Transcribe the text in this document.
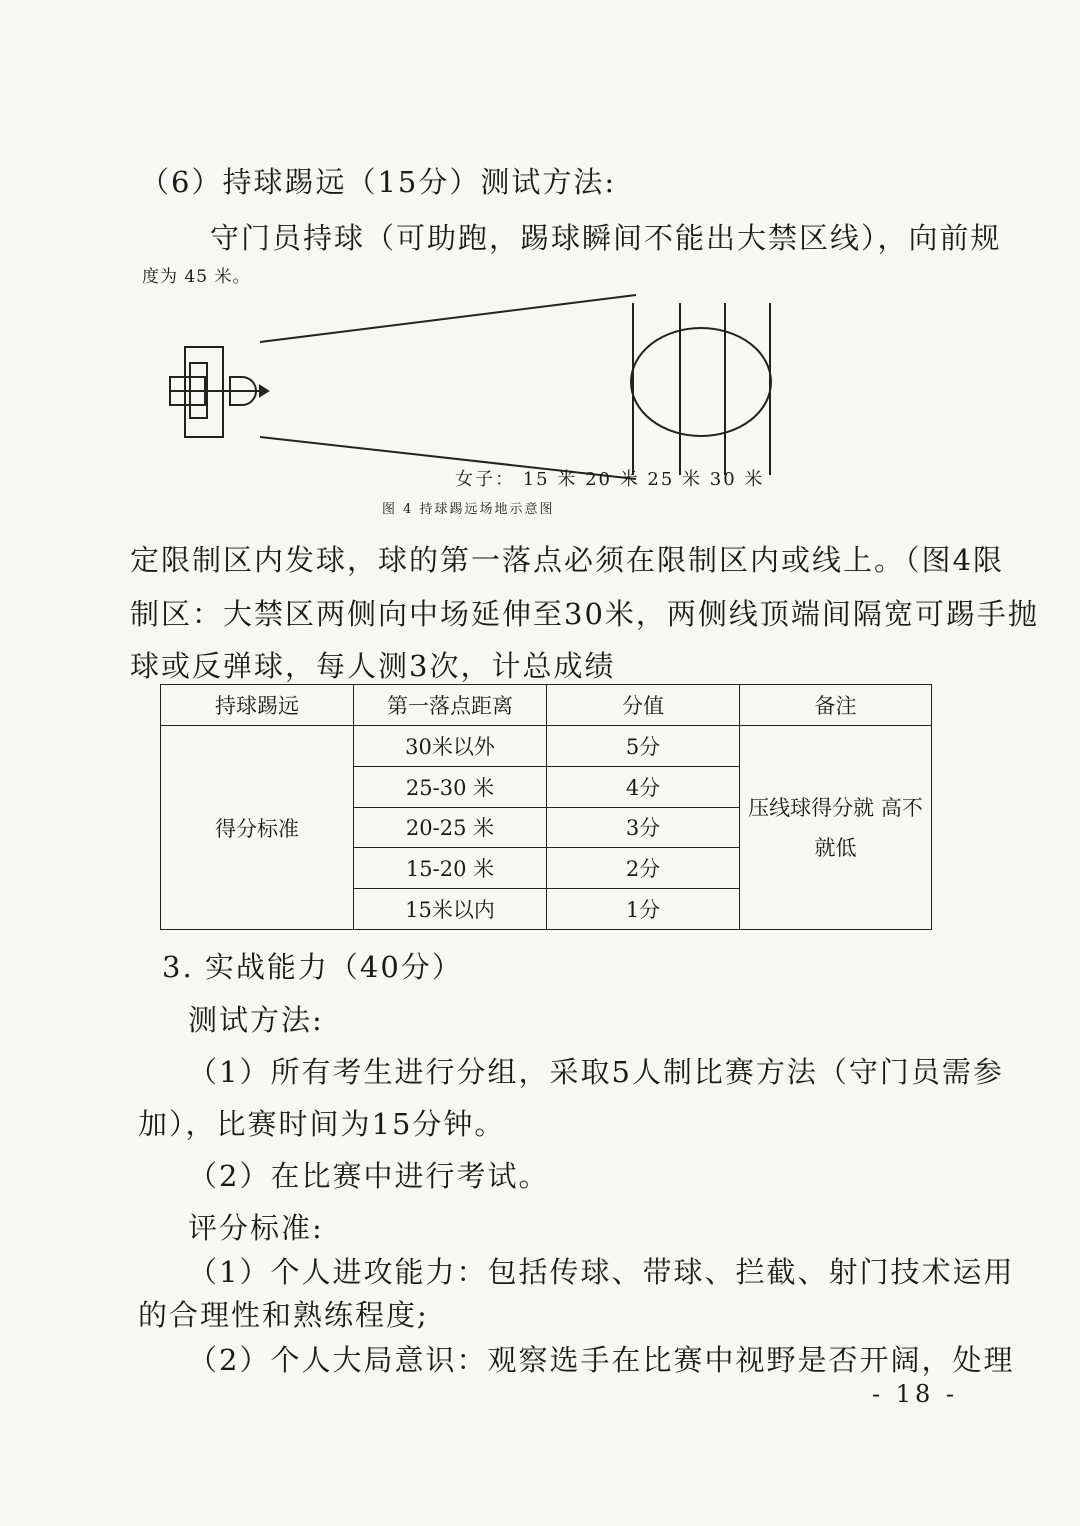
（6）持球踢远（15分）测试方法:
守门员持球（可助跑，踢球瞬间不能出大禁区线），向前规
度为 45 米。
女子： 15 米 20 米 25 米 30 米
图 4 持球踢远场地示意图
定限制区内发球，球的第一落点必须在限制区内或线上。（图4限
制区：大禁区两侧向中场延伸至30米，两侧线顶端间隔宽可踢手抛
球或反弹球，每人测3次，计总成绩
持球踢远	第一落点距离	分值	备注
得分标准	30米以外	5分	压线球得分就 高不就低
	25-30 米	4分	
	20-25 米	3分	
	15-20 米	2分	
	15米以内	1分	
3. 实战能力（40分）
测试方法:
（1）所有考生进行分组，采取5人制比赛方法（守门员需参
加），比赛时间为15分钟。
（2）在比赛中进行考试。
评分标准:
（1）个人进攻能力：包括传球、带球、拦截、射门技术运用
的合理性和熟练程度;
（2）个人大局意识：观察选手在比赛中视野是否开阔，处理
- 18 -
